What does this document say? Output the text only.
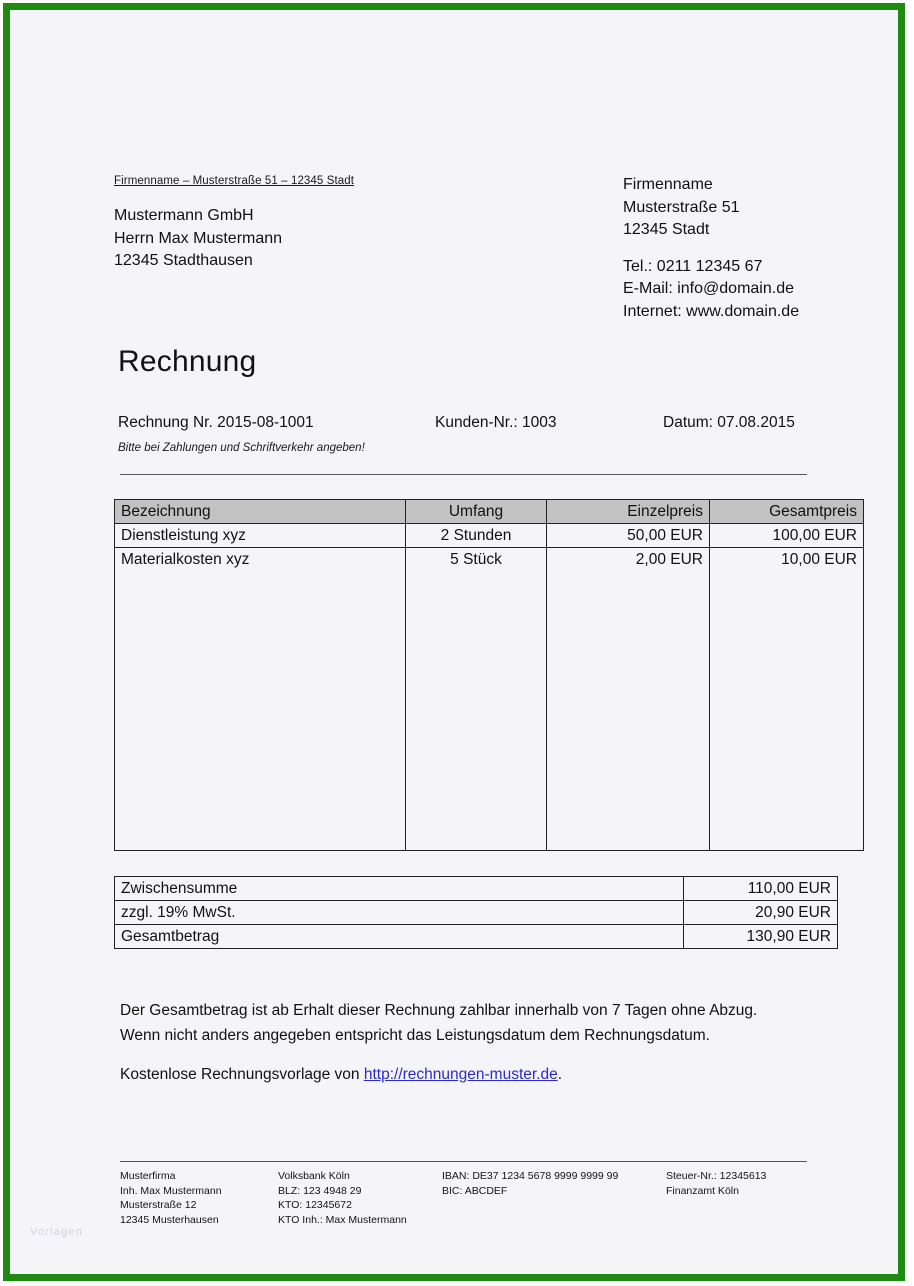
Firmenname – Musterstraße 51 – 12345 Stadt
Mustermann GmbH
Herrn Max Mustermann
12345 Stadthausen
Firmenname
Musterstraße 51
12345 Stadt
Tel.: 0211 12345 67
E-Mail: info@domain.de
Internet: www.domain.de
Rechnung
Rechnung Nr. 2015-08-1001	Kunden-Nr.: 1003	Datum: 07.08.2015
Bitte bei Zahlungen und Schriftverkehr angeben!
Bezeichnung	Umfang	Einzelpreis	Gesamtpreis
Dienstleistung xyz	2 Stunden	50,00 EUR	100,00 EUR
Materialkosten xyz	5 Stück	2,00 EUR	10,00 EUR

Zwischensumme	110,00 EUR
zzgl. 19% MwSt.	20,90 EUR
Gesamtbetrag	130,90 EUR

Der Gesamtbetrag ist ab Erhalt dieser Rechnung zahlbar innerhalb von 7 Tagen ohne Abzug.

Wenn nicht anders angegeben entspricht das Leistungsdatum dem Rechnungsdatum.

Kostenlose Rechnungsvorlage von http://rechnungen-muster.de.

Musterfirma
Inh. Max Mustermann
Musterstraße 12
12345 Musterhausen
Volksbank Köln
BLZ: 123 4948 29
KTO: 12345672
KTO Inh.: Max Mustermann
IBAN: DE37 1234 5678 9999 9999 99
BIC: ABCDEF
Steuer-Nr.: 12345613
Finanzamt Köln
Vorlagen
